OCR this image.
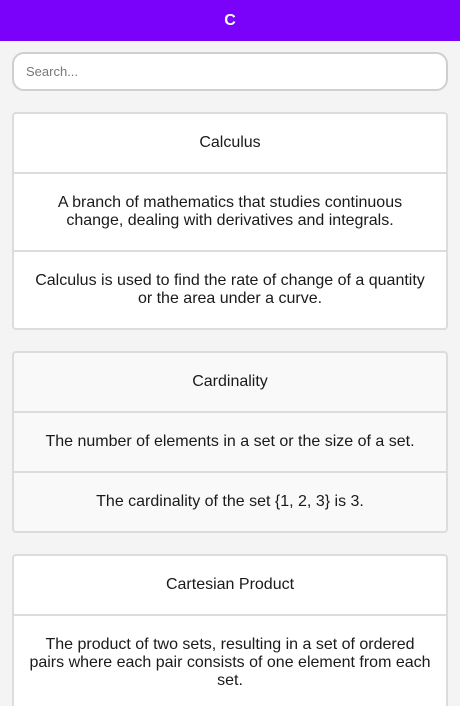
C
Search...
Calculus
A branch of mathematics that studies continuous change, dealing with derivatives and integrals.
Calculus is used to find the rate of change of a quantity or the area under a curve.
Cardinality
The number of elements in a set or the size of a set.
The cardinality of the set {1, 2, 3} is 3.
Cartesian Product
The product of two sets, resulting in a set of ordered pairs where each pair consists of one element from each set.
